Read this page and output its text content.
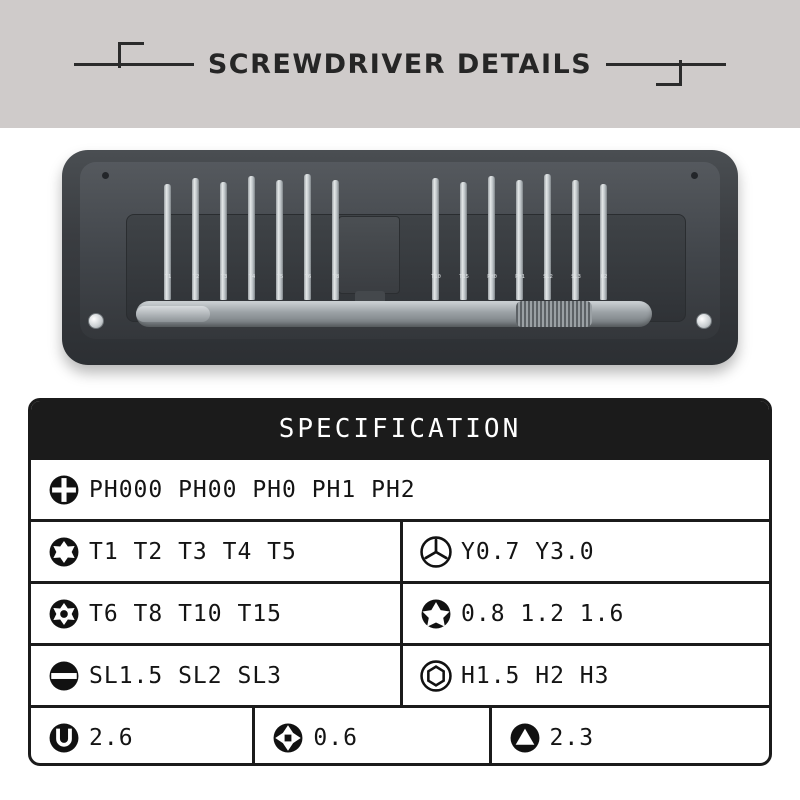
SCREWDRIVER DETAILS
T1	T2	T3	T4	T5	T6	T8	T10	T15	PH0	PH1	SL2	SL3	H2
SPECIFICATION
PH000 PH00 PH0 PH1 PH2
T1 T2 T3 T4 T5	Y0.7 Y3.0
T6 T8 T10 T15	0.8 1.2 1.6
SL1.5 SL2 SL3	H1.5 H2 H3
2.6	0.6	2.3
